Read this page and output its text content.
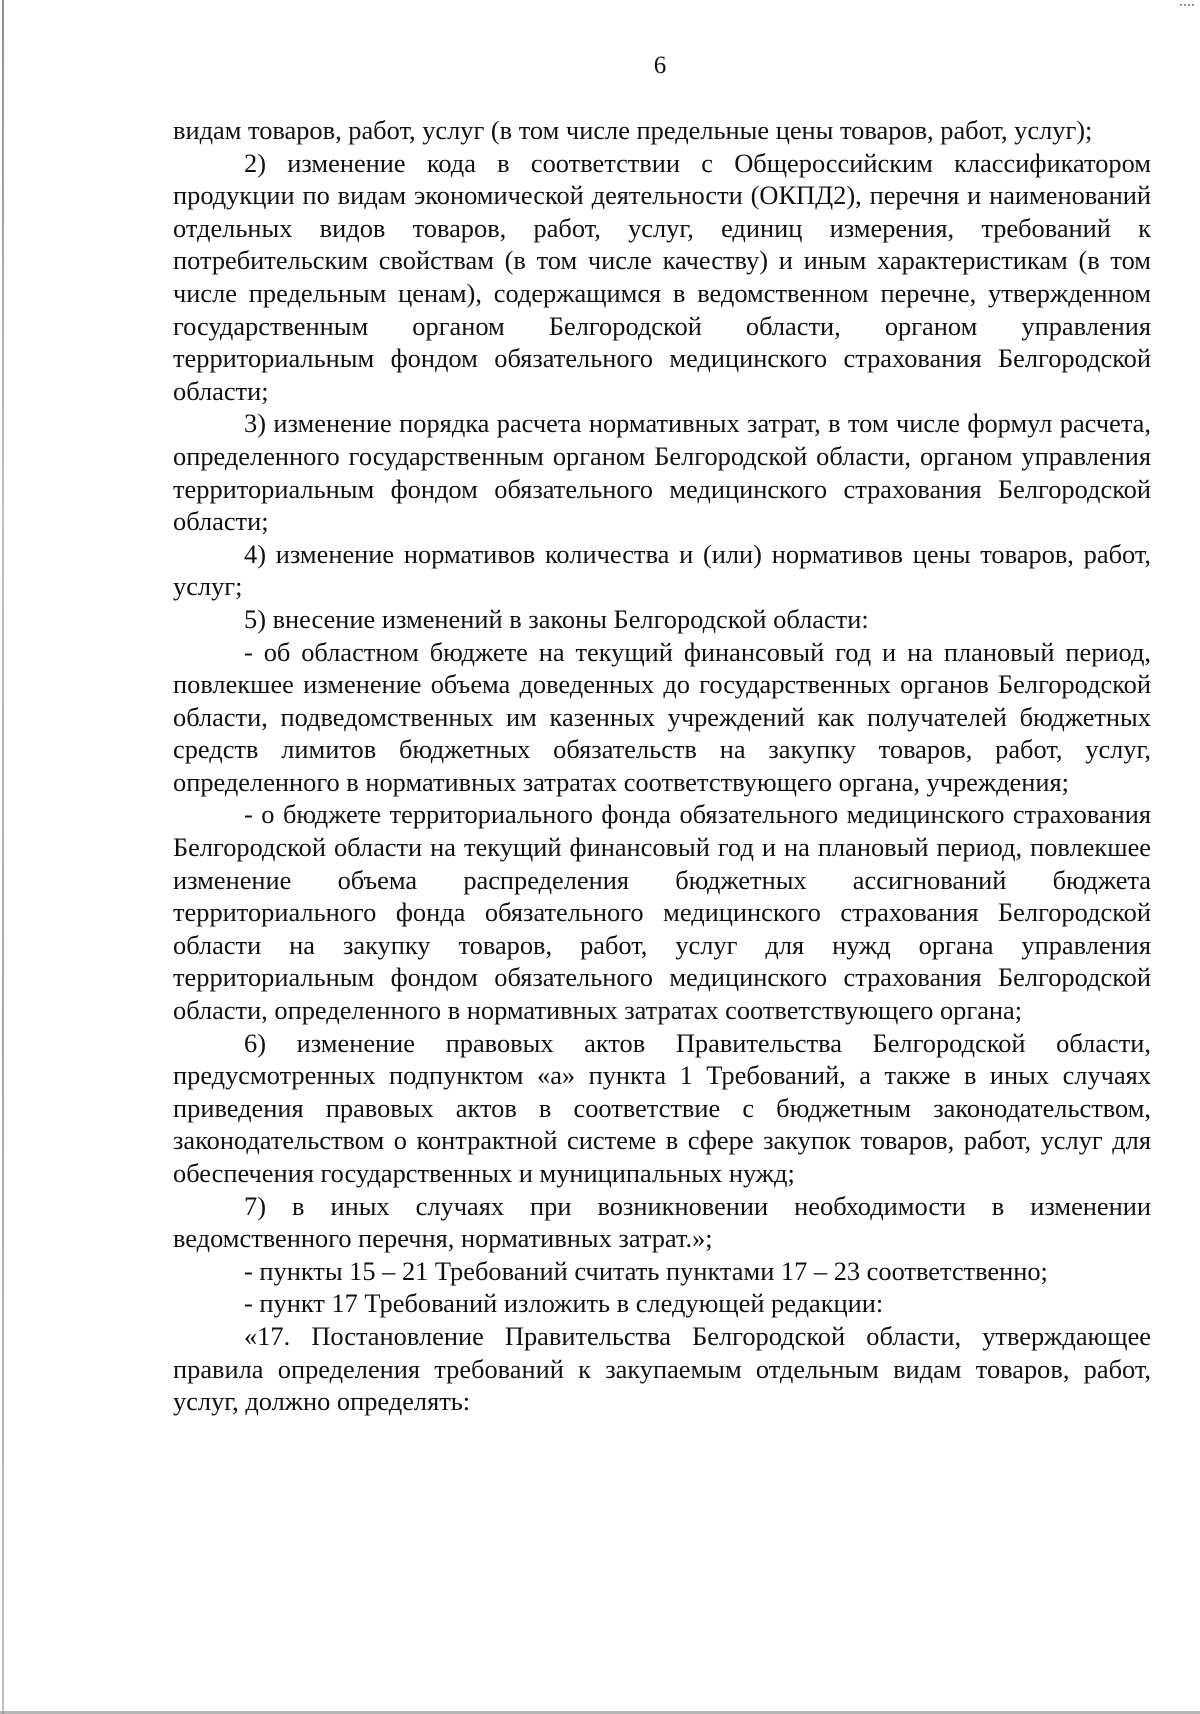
6

видам товаров, работ, услуг (в том числе предельные цены товаров, работ, услуг);

2) изменение кода в соответствии с Общероссийским классификатором продукции по видам экономической деятельности (ОКПД2), перечня и наименований отдельных видов товаров, работ, услуг, единиц измерения, требований к потребительским свойствам (в том числе качеству) и иным характеристикам (в том числе предельным ценам), содержащимся в ведомственном перечне, утвержденном государственным органом Белгородской области, органом управления территориальным фондом обязательного медицинского страхования Белгородской области;

3) изменение порядка расчета нормативных затрат, в том числе формул расчета, определенного государственным органом Белгородской области, органом управления территориальным фондом обязательного медицинского страхования Белгородской области;

4) изменение нормативов количества и (или) нормативов цены товаров, работ, услуг;

5) внесение изменений в законы Белгородской области:

- об областном бюджете на текущий финансовый год и на плановый период, повлекшее изменение объема доведенных до государственных органов Белгородской области, подведомственных им казенных учреждений как получателей бюджетных средств лимитов бюджетных обязательств на закупку товаров, работ, услуг, определенного в нормативных затратах соответствующего органа, учреждения;

- о бюджете территориального фонда обязательного медицинского страхования Белгородской области на текущий финансовый год и на плановый период, повлекшее изменение объема распределения бюджетных ассигнований бюджета территориального фонда обязательного медицинского страхования Белгородской области на закупку товаров, работ, услуг для нужд органа управления территориальным фондом обязательного медицинского страхования Белгородской области, определенного в нормативных затратах соответствующего органа;

6) изменение правовых актов Правительства Белгородской области, предусмотренных подпунктом «а» пункта 1 Требований, а также в иных случаях приведения правовых актов в соответствие с бюджетным законодательством, законодательством о контрактной системе в сфере закупок товаров, работ, услуг для обеспечения государственных и муниципальных нужд;

7) в иных случаях при возникновении необходимости в изменении ведомственного перечня, нормативных затрат.»;

- пункты 15 – 21 Требований считать пунктами 17 – 23 соответственно;

- пункт 17 Требований изложить в следующей редакции:

«17. Постановление Правительства Белгородской области, утверждающее правила определения требований к закупаемым отдельным видам товаров, работ, услуг, должно определять:
